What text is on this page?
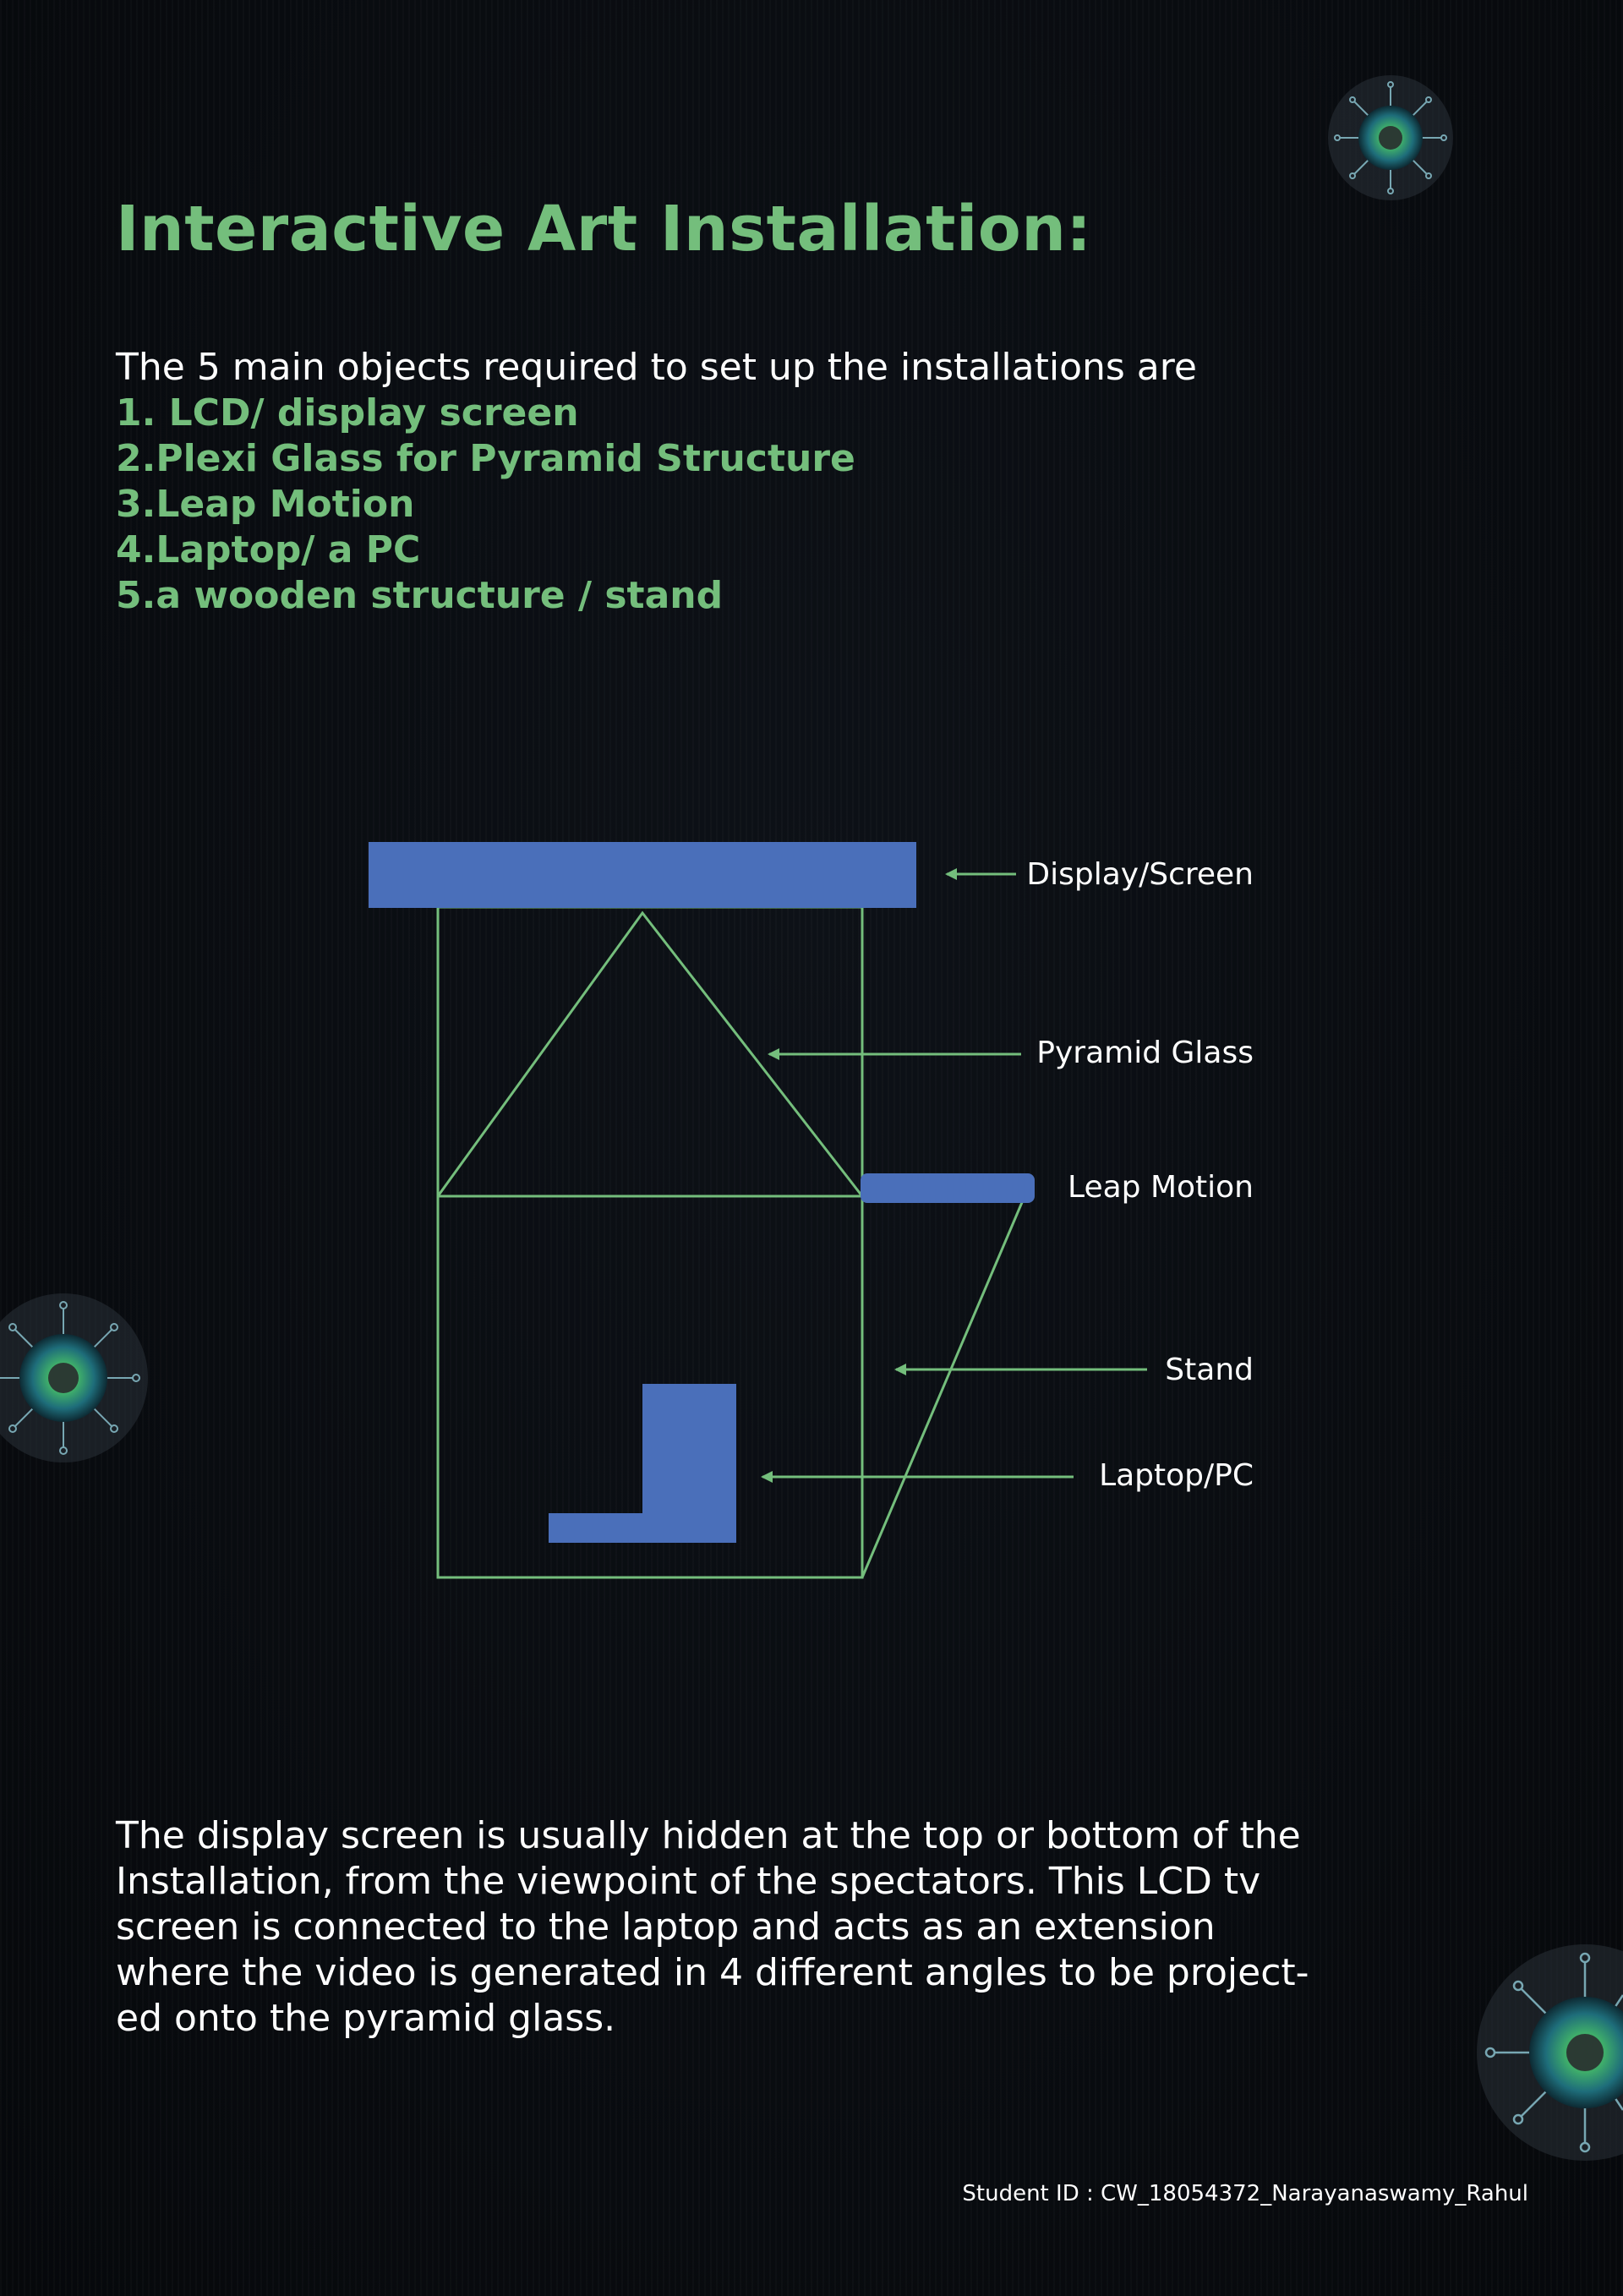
Interactive Art Installation:
The 5 main objects required to set up the installations are
1. LCD/ display screen
2.Plexi Glass for Pyramid Structure
3.Leap Motion
4.Laptop/ a PC
5.a wooden structure / stand
Display/Screen
Pyramid Glass
Leap Motion
Stand
Laptop/PC

The display screen is usually hidden at the top or bottom of the
Installation, from the viewpoint of the spectators. This LCD tv
screen is connected to the laptop and acts as an extension
where the video is generated in 4 different angles to be project-
ed onto the pyramid glass.

Student ID : CW_18054372_Narayanaswamy_Rahul
